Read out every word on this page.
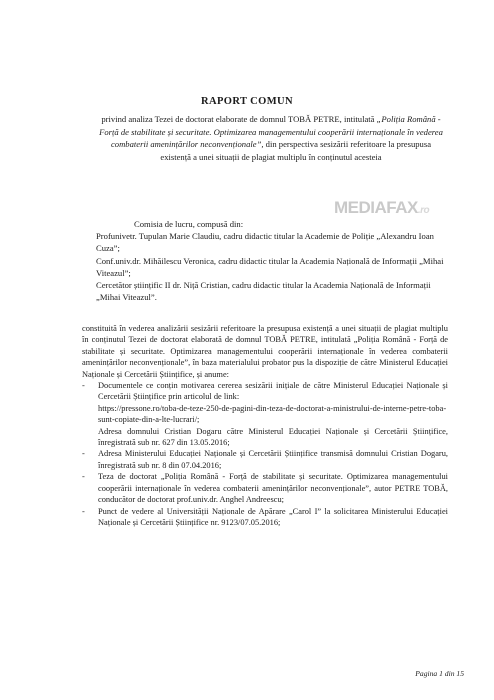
RAPORT COMUN
privind analiza Tezei de doctorat elaborate de domnul TOBĂ PETRE, intitulată „Poliția Română - Forță de stabilitate și securitate. Optimizarea managementului cooperării internaționale în vederea combaterii amenințărilor neconvenționale”, din perspectiva sesizării referitoare la presupusa existență a unei situații de plagiat multiplu în conținutul acesteia
MEDIAFAX.ro

Comisia de lucru, compusă din:

Profunivetr. Tupulan Marie Claudiu, cadru didactic titular la Academie de Poliție „Alexandru Ioan Cuza”;

Conf.univ.dr. Mihăilescu Veronica, cadru didactic titular la Academia Națională de Informații „Mihai Viteazul”;

Cercetător științific II dr. Niță Cristian, cadru didactic titular la Academia Națională de Informații „Mihai Viteazul”.

constituită în vederea analizării sesizării referitoare la presupusa existență a unei situații de plagiat multiplu în conținutul Tezei de doctorat elaborată de domnul TOBĂ PETRE, intitulată „Poliția Română - Forță de stabilitate și securitate. Optimizarea managementului cooperării internaționale în vederea combaterii amenințărilor neconvenționale”, în baza materialului probator pus la dispoziție de către Ministerul Educației Naționale și Cercetării Științifice, și anume:

- Documentele ce conțin motivarea cererea sesizării inițiale de către Ministerul Educației Naționale și Cercetării Științifice prin articolul de link:
https://pressone.ro/toba-de-teze-250-de-pagini-din-teza-de-doctorat-a-ministrului-de-interne-petre-toba-sunt-copiate-din-a-lte-lucrari/;
Adresa domnului Cristian Dogaru către Ministerul Educației Naționale și Cercetării Științifice, înregistrată sub nr. 627 din 13.05.2016;
- Adresa Ministerului Educației Naționale și Cercetării Științifice transmisă domnului Cristian Dogaru, înregistrată sub nr. 8 din 07.04.2016;
- Teza de doctorat „Poliția Română - Forță de stabilitate și securitate. Optimizarea managementului cooperării internaționale în vederea combaterii amenințărilor neconvenționale”, autor PETRE TOBĂ, conducător de doctorat prof.univ.dr. Anghel Andreescu;
- Punct de vedere al Universității Naționale de Apărare „Carol I” la solicitarea Ministerului Educației Naționale și Cercetării Științifice nr. 9123/07.05.2016;
Pagina 1 din 15
